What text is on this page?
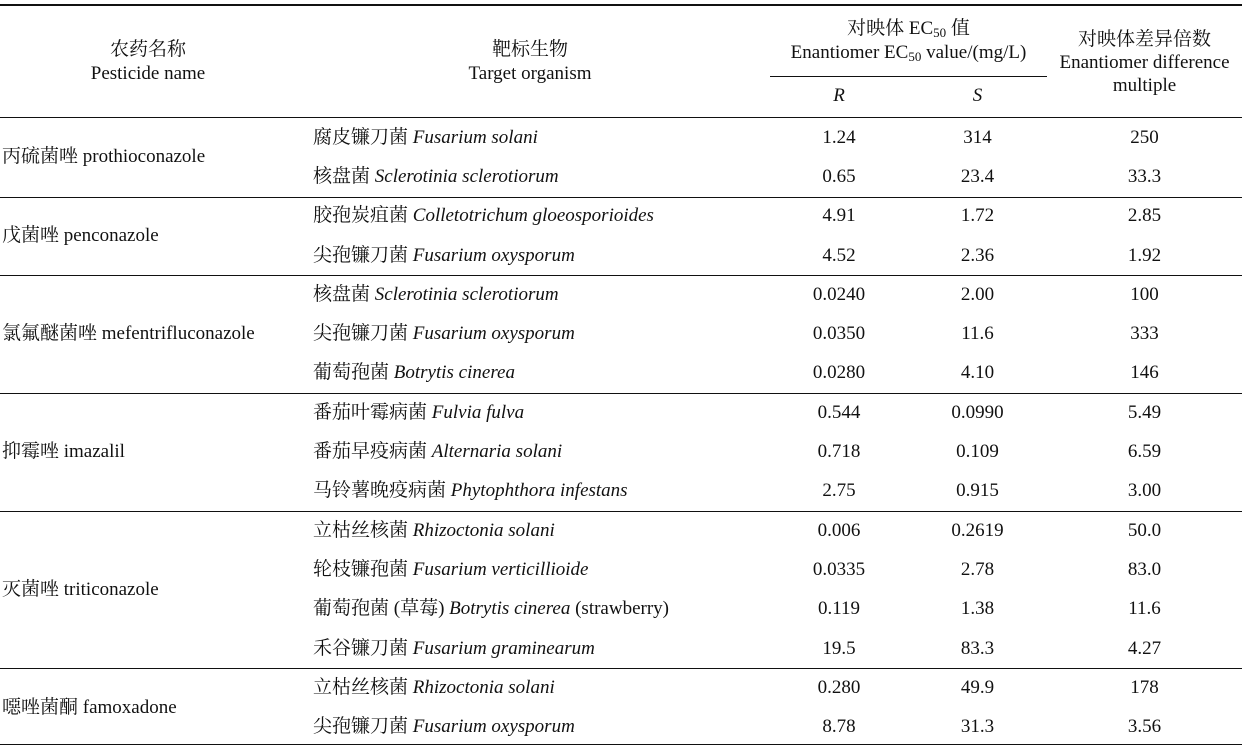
农药名称
Pesticide name
靶标生物
Target organism
对映体 $EC_{50}$ 值
Enantiomer $EC_{50}$ value/(mg/L)
R	S
对映体差异倍数
Enantiomer difference
multiple
丙硫菌唑 prothioconazole
腐皮镰刀菌 Fusarium solani	1.24	314	250
核盘菌 Sclerotinia sclerotiorum	0.65	23.4	33.3
戊菌唑 penconazole
胶孢炭疽菌 Colletotrichum gloeosporioides	4.91	1.72	2.85
尖孢镰刀菌 Fusarium oxysporum	4.52	2.36	1.92
氯氟醚菌唑 mefentrifluconazole
核盘菌 Sclerotinia sclerotiorum	0.0240	2.00	100
尖孢镰刀菌 Fusarium oxysporum	0.0350	11.6	333
葡萄孢菌 Botrytis cinerea	0.0280	4.10	146
抑霉唑 imazalil
番茄叶霉病菌 Fulvia fulva	0.544	0.0990	5.49
番茄早疫病菌 Alternaria solani	0.718	0.109	6.59
马铃薯晚疫病菌 Phytophthora infestans	2.75	0.915	3.00
灭菌唑 triticonazole
立枯丝核菌 Rhizoctonia solani	0.006	0.2619	50.0
轮枝镰孢菌 Fusarium verticillioide	0.0335	2.78	83.0
葡萄孢菌 (草莓) Botrytis cinerea (strawberry)	0.119	1.38	11.6
禾谷镰刀菌 Fusarium graminearum	19.5	83.3	4.27
噁唑菌酮 famoxadone
立枯丝核菌 Rhizoctonia solani	0.280	49.9	178
尖孢镰刀菌 Fusarium oxysporum	8.78	31.3	3.56
